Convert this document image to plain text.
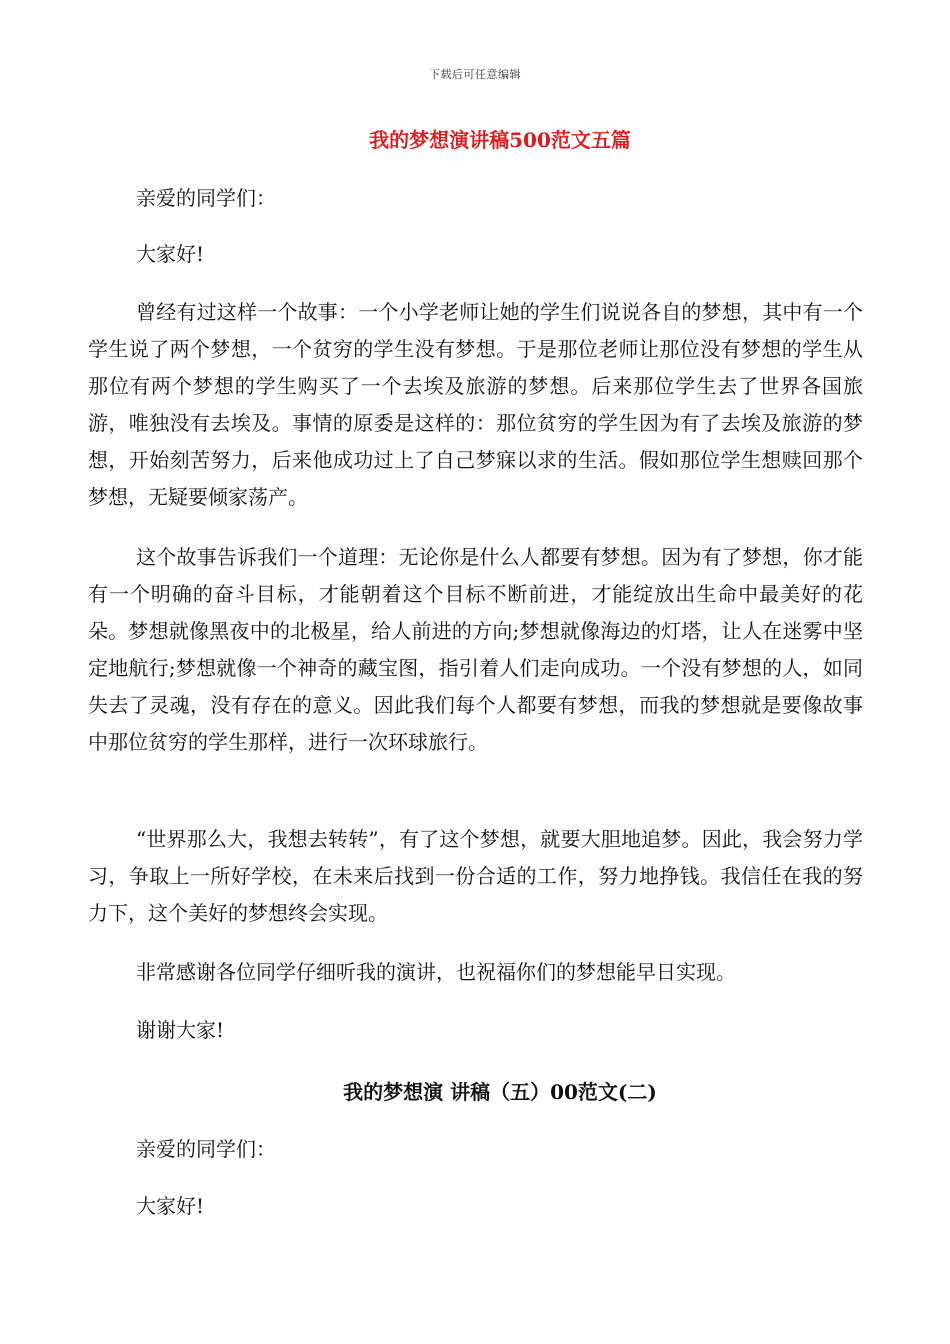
下载后可任意编辑
我的梦想演讲稿500范文五篇

亲爱的同学们：

大家好!

曾经有过这样一个故事：一个小学老师让她的学生们说说各自的梦想，其中有一个学生说了两个梦想，一个贫穷的学生没有梦想。于是那位老师让那位没有梦想的学生从那位有两个梦想的学生购买了一个去埃及旅游的梦想。后来那位学生去了世界各国旅游，唯独没有去埃及。事情的原委是这样的：那位贫穷的学生因为有了去埃及旅游的梦想，开始刻苦努力，后来他成功过上了自己梦寐以求的生活。假如那位学生想赎回那个梦想，无疑要倾家荡产。

这个故事告诉我们一个道理：无论你是什么人都要有梦想。因为有了梦想，你才能有一个明确的奋斗目标，才能朝着这个目标不断前进，才能绽放出生命中最美好的花朵。梦想就像黑夜中的北极星，给人前进的方向;梦想就像海边的灯塔，让人在迷雾中坚定地航行;梦想就像一个神奇的藏宝图，指引着人们走向成功。一个没有梦想的人，如同失去了灵魂，没有存在的意义。因此我们每个人都要有梦想，而我的梦想就是要像故事中那位贫穷的学生那样，进行一次环球旅行。

“世界那么大，我想去转转”，有了这个梦想，就要大胆地追梦。因此，我会努力学习，争取上一所好学校，在未来后找到一份合适的工作，努力地挣钱。我信任在我的努力下，这个美好的梦想终会实现。

非常感谢各位同学仔细听我的演讲，也祝福你们的梦想能早日实现。

谢谢大家!

我的梦想演 讲稿（五）00范文(二)

亲爱的同学们：

大家好!
